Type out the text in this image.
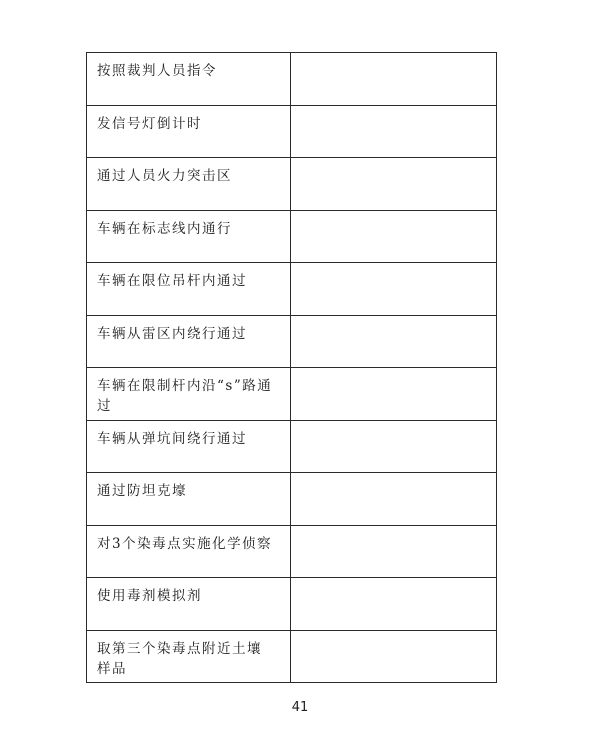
按照裁判人员指令	

发信号灯倒计时	

通过人员火力突击区	

车辆在标志线内通行	

车辆在限位吊杆内通过	

车辆从雷区内绕行通过	

车辆在限制杆内沿“s”路通过	

车辆从弹坑间绕行通过	

通过防坦克壕	

对3个染毒点实施化学侦察	

使用毒剂模拟剂	

取第三个染毒点附近土壤样品	

41
